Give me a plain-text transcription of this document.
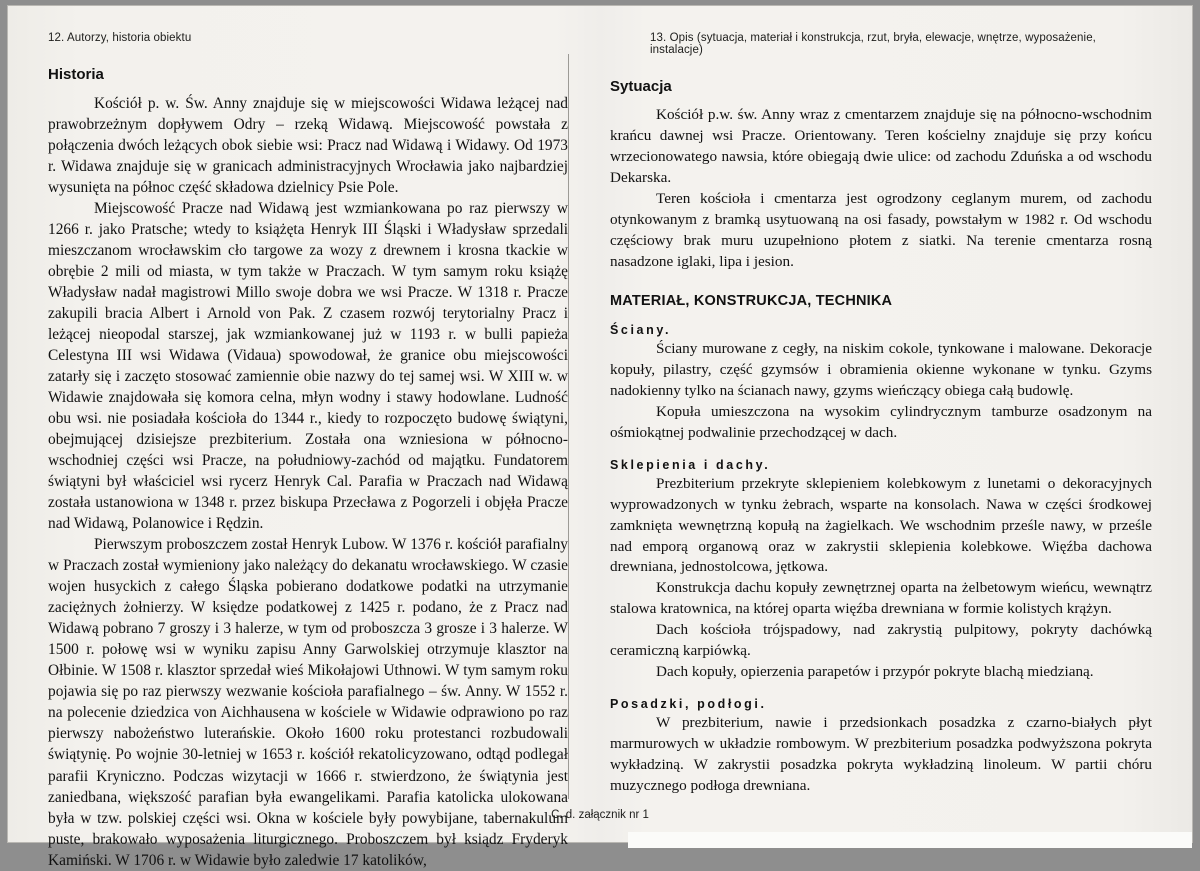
12. Autorzy, historia obiektu
Historia

Kościół p. w. Św. Anny znajduje się w miejscowości Widawa leżącej nad prawobrzeżnym dopływem Odry – rzeką Widawą. Miejscowość powstała z połączenia dwóch leżących obok siebie wsi: Pracz nad Widawą i Widawy. Od 1973 r. Widawa znajduje się w granicach administracyjnych Wrocławia jako najbardziej wysunięta na północ część składowa dzielnicy Psie Pole.

Miejscowość Pracze nad Widawą jest wzmiankowana po raz pierwszy w 1266 r. jako Pratsche; wtedy to książęta Henryk III Śląski i Władysław sprzedali mieszczanom wrocławskim cło targowe za wozy z drewnem i krosna tkackie w obrębie 2 mili od miasta, w tym także w Praczach. W tym samym roku książę Władysław nadał magistrowi Millo swoje dobra we wsi Pracze. W 1318 r. Pracze zakupili bracia Albert i Arnold von Pak. Z czasem rozwój terytorialny Pracz i leżącej nieopodal starszej, jak wzmiankowanej już w 1193 r. w bulli papieża Celestyna III wsi Widawa (Vidaua) spowodował, że granice obu miejscowości zatarły się i zaczęto stosować zamiennie obie nazwy do tej samej wsi. W XIII w. w Widawie znajdowała się komora celna, młyn wodny i stawy hodowlane. Ludność obu wsi. nie posiadała kościoła do 1344 r., kiedy to rozpoczęto budowę świątyni, obejmującej dzisiejsze prezbiterium. Została ona wzniesiona w północno-wschodniej części wsi Pracze, na południowy-zachód od majątku. Fundatorem świątyni był właściciel wsi rycerz Henryk Cal. Parafia w Praczach nad Widawą została ustanowiona w 1348 r. przez biskupa Przecława z Pogorzeli i objęła Pracze nad Widawą, Polanowice i Rędzin.

Pierwszym proboszczem został Henryk Lubow. W 1376 r. kościół parafialny w Praczach został wymieniony jako należący do dekanatu wrocławskiego. W czasie wojen husyckich z całego Śląska pobierano dodatkowe podatki na utrzymanie zaciężnych żołnierzy. W księdze podatkowej z 1425 r. podano, że z Pracz nad Widawą pobrano 7 groszy i 3 halerze, w tym od proboszcza 3 grosze i 3 halerze. W 1500 r. połowę wsi w wyniku zapisu Anny Garwolskiej otrzymuje klasztor na Ołbinie. W 1508 r. klasztor sprzedał wieś Mikołajowi Uthnowi. W tym samym roku pojawia się po raz pierwszy wezwanie kościoła parafialnego – św. Anny. W 1552 r. na polecenie dziedzica von Aichhausena w kościele w Widawie odprawiono po raz pierwszy nabożeństwo luterańskie. Około 1600 roku protestanci rozbudowali świątynię. Po wojnie 30-letniej w 1653 r. kościół rekatolicyzowano, odtąd podlegał parafii Kryniczno. Podczas wizytacji w 1666 r. stwierdzono, że świątynia jest zaniedbana, większość parafian była ewangelikami. Parafia katolicka ulokowana była w tzw. polskiej części wsi. Okna w kościele były powybijane, tabernakulum puste, brakowało wyposażenia liturgicznego. Proboszczem był ksiądz Fryderyk Kamiński. W 1706 r. w Widawie było zaledwie 17 katolików,

13. Opis (sytuacja, materiał i konstrukcja, rzut, bryła, elewacje, wnętrze, wyposażenie, instalacje)
Sytuacja

Kościół p.w. św. Anny wraz z cmentarzem znajduje się na północno-wschodnim krańcu dawnej wsi Pracze. Orientowany. Teren kościelny znajduje się przy końcu wrzecionowatego nawsia, które obiegają dwie ulice: od zachodu Zduńska a od wschodu Dekarska.

Teren kościoła i cmentarza jest ogrodzony ceglanym murem, od zachodu otynkowanym z bramką usytuowaną na osi fasady, powstałym w 1982 r. Od wschodu częściowy brak muru uzupełniono płotem z siatki. Na terenie cmentarza rosną nasadzone iglaki, lipa i jesion.

MATERIAŁ, KONSTRUKCJA, TECHNIKA
Ściany.

Ściany murowane z cegły, na niskim cokole, tynkowane i malowane. Dekoracje kopuły, pilastry, część gzymsów i obramienia okienne wykonane w tynku. Gzyms nadokienny tylko na ścianach nawy, gzyms wieńczący obiega całą budowlę.

Kopuła umieszczona na wysokim cylindrycznym tamburze osadzonym na ośmiokątnej podwalinie przechodzącej w dach.

Sklepienia i dachy.

Prezbiterium przekryte sklepieniem kolebkowym z lunetami o dekoracyjnych wyprowadzonych w tynku żebrach, wsparte na konsolach. Nawa w części środkowej zamknięta wewnętrzną kopułą na żagielkach. We wschodnim prześle nawy, w prześle nad emporą organową oraz w zakrystii sklepienia kolebkowe. Więźba dachowa drewniana, jednostolcowa, jętkowa.

Konstrukcja dachu kopuły zewnętrznej oparta na żelbetowym wieńcu, wewnątrz stalowa kratownica, na której oparta więźba drewniana w formie kolistych krążyn.

Dach kościoła trójspadowy, nad zakrystią pulpitowy, pokryty dachówką ceramiczną karpiówką.

Dach kopuły, opierzenia parapetów i przypór pokryte blachą miedzianą.

Posadzki, podłogi.

W prezbiterium, nawie i przedsionkach posadzka z czarno-białych płyt marmurowych w układzie rombowym. W prezbiterium posadzka podwyższona pokryta wykładziną. W zakrystii posadzka pokryta wykładziną linoleum. W partii chóru muzycznego podłoga drewniana.

C. d. załącznik nr 1
